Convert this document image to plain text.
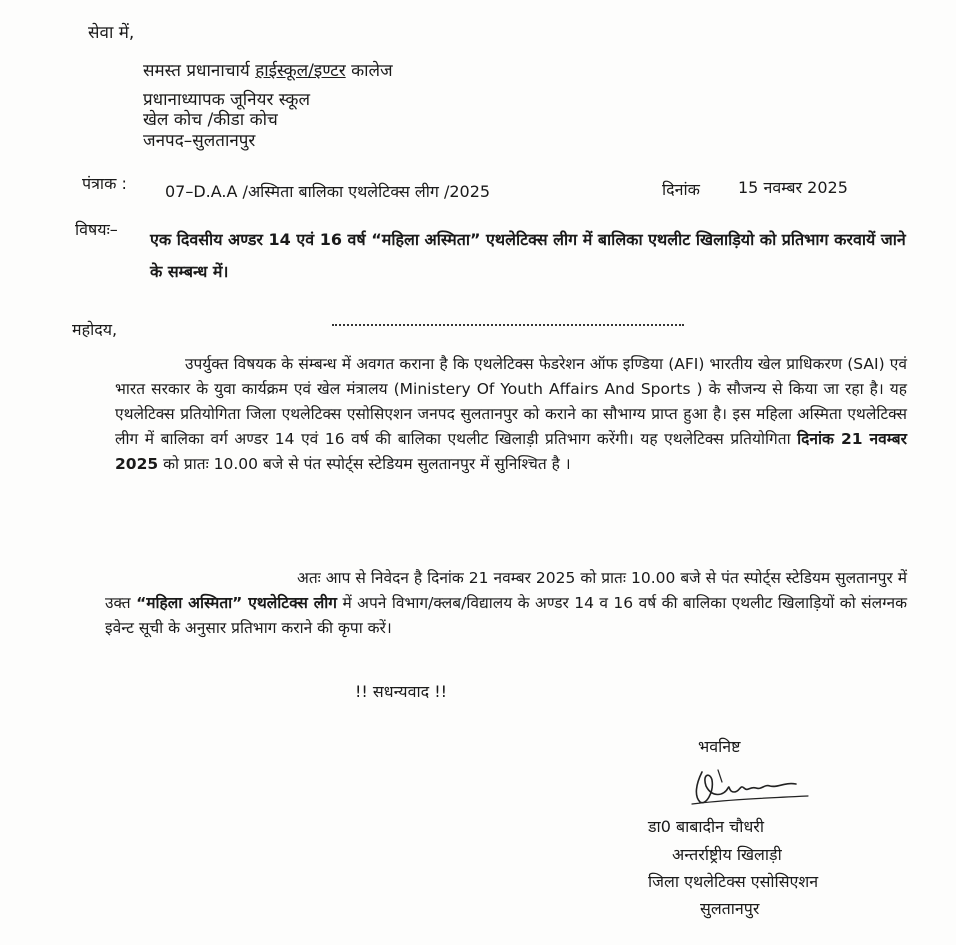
सेवा में,
समस्त प्रधानाचार्य हाईस्कूल/इण्टर कालेज
प्रधानाध्यापक जूनियर स्कूल
खेल कोच /कीडा कोच
जनपद–सुलतानपुर
पंत्राक : 07–D.A.A /अस्मिता बालिका एथलेटिक्स लीग /2025	दिनांक 15 नवम्बर 2025
विषयः–
एक दिवसीय अण्डर 14 एवं 16 वर्ष “महिला अस्मिता” एथलेटिक्स लीग में बालिका एथलीट खिलाड़ियो को प्रतिभाग करवायें जाने के सम्बन्ध में।
महोदय,
उपर्युक्त विषयक के संम्बन्ध में अवगत कराना है कि एथलेटिक्स फेडरेशन ऑफ इण्डिया (AFI) भारतीय खेल प्राधिकरण (SAI) एवं भारत सरकार के युवा कार्यक्रम एवं खेल मंत्रालय (Ministery Of Youth Affairs And Sports ) के सौजन्य से किया जा रहा है। यह एथलेटिक्स प्रतियोगिता जिला एथलेटिक्स एसोसिएशन जनपद सुलतानपुर को कराने का सौभाग्य प्राप्त हुआ है। इस महिला अस्मिता एथलेटिक्स लीग में बालिका वर्ग अण्डर 14 एवं 16 वर्ष की बालिका एथलीट खिलाड़ी प्रतिभाग करेंगी। यह एथलेटिक्स प्रतियोगिता दिनांक 21 नवम्बर 2025 को प्रातः 10.00 बजे से पंत स्पोर्ट्स स्टेडियम सुलतानपुर में सुनिश्चित है ।
अतः आप से निवेदन है दिनांक 21 नवम्बर 2025 को प्रातः 10.00 बजे से पंत स्पोर्ट्स स्टेडियम सुलतानपुर में उक्त “महिला अस्मिता” एथलेटिक्स लीग में अपने विभाग/क्लब/विद्यालय के अण्डर 14 व 16 वर्ष की बालिका एथलीट खिलाड़ियों को संलग्नक इवेन्ट सूची के अनुसार प्रतिभाग कराने की कृपा करें।
!! सधन्यवाद !!
भवनिष्ट
डा0 बाबादीन चौधरी
अन्तर्राष्ट्रीय खिलाड़ी
जिला एथलेटिक्स एसोसिएशन
सुलतानपुर
